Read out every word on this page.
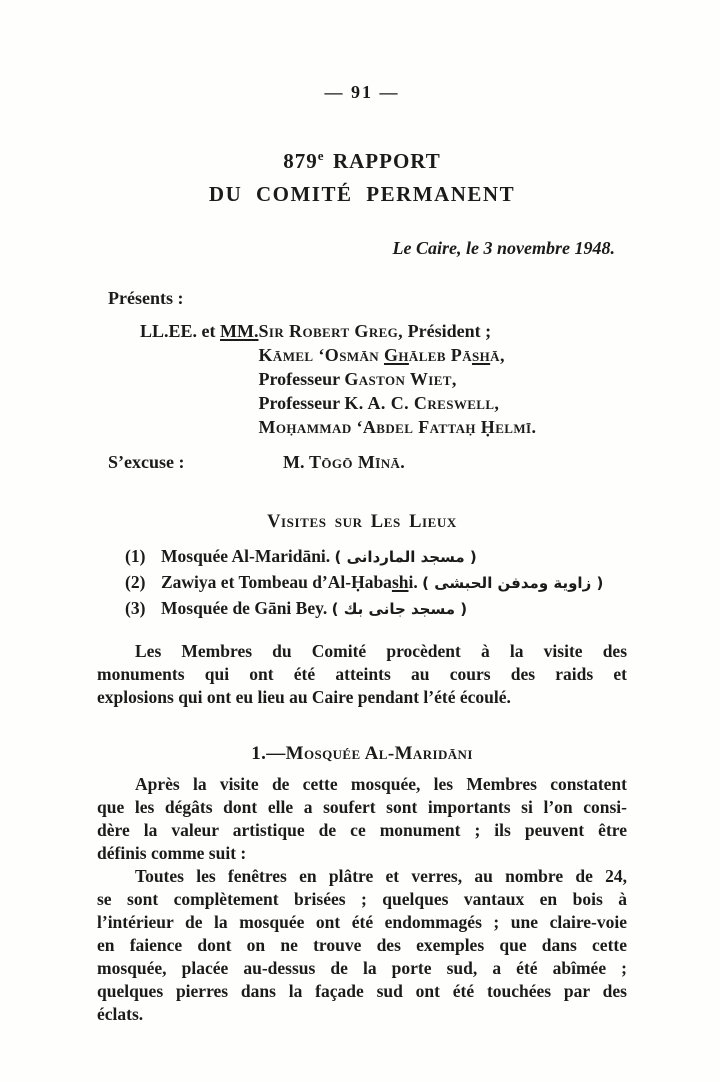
— 91 —
879e RAPPORT
DU COMITÉ PERMANENT
Le Caire, le 3 novembre 1948.
Présents :
LL.EE. et MM. Sir Robert Greg, Président ;
Kāmel ‘Osmān Ghāleb Pāshā,
Professeur Gaston Wiet,
Professeur K. A. C. Creswell,
Moḥammad ‘Abdel Fattaḥ Ḥelmī.
S’excuse :	M. Tōgō Mīnā.
Visites sur Les Lieux
(1) Mosquée Al-Maridāni. ( مسجد الماردانى )
(2) Zawiya et Tombeau d’Al-Ḥabashi. ( زاوية ومدفن الحبشى )
(3) Mosquée de Gāni Bey. ( مسجد جانى بك )
Les Membres du Comité procèdent à la visite des
monuments qui ont été atteints au cours des raids et
explosions qui ont eu lieu au Caire pendant l’été écoulé.
1.—Mosquée Al-Maridāni
Après la visite de cette mosquée, les Membres constatent
que les dégâts dont elle a soufert sont importants si l’on consi-
dère la valeur artistique de ce monument ; ils peuvent être
définis comme suit :
Toutes les fenêtres en plâtre et verres, au nombre de 24,
se sont complètement brisées ; quelques vantaux en bois à
l’intérieur de la mosquée ont été endommagés ; une claire-voie
en faience dont on ne trouve des exemples que dans cette
mosquée, placée au-dessus de la porte sud, a été abîmée ;
quelques pierres dans la façade sud ont été touchées par des
éclats.
